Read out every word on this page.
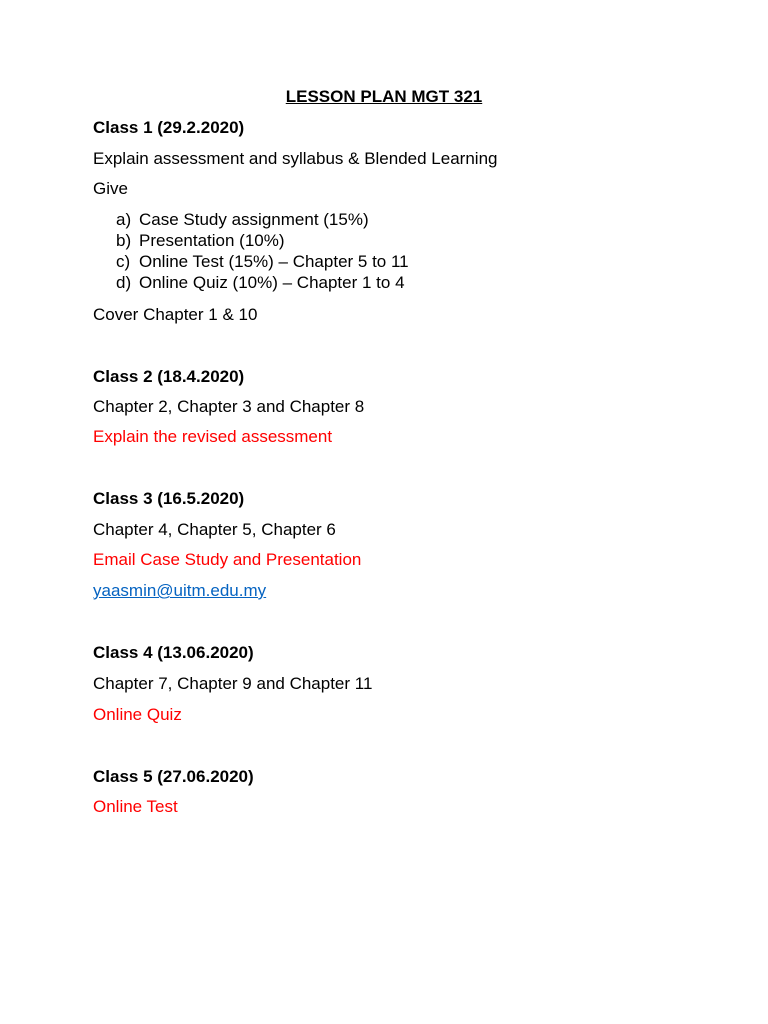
LESSON PLAN MGT 321
Class 1 (29.2.2020)
Explain assessment and syllabus & Blended Learning
Give
a) Case Study assignment (15%)
b) Presentation (10%)
c) Online Test (15%) – Chapter 5 to 11
d) Online Quiz (10%) – Chapter 1 to 4
Cover Chapter 1 & 10
Class 2 (18.4.2020)
Chapter 2, Chapter 3 and Chapter 8
Explain the revised assessment
Class 3 (16.5.2020)
Chapter 4, Chapter 5, Chapter 6
Email Case Study and Presentation
yaasmin@uitm.edu.my
Class 4 (13.06.2020)
Chapter 7, Chapter 9 and Chapter 11
Online Quiz
Class 5 (27.06.2020)
Online Test
